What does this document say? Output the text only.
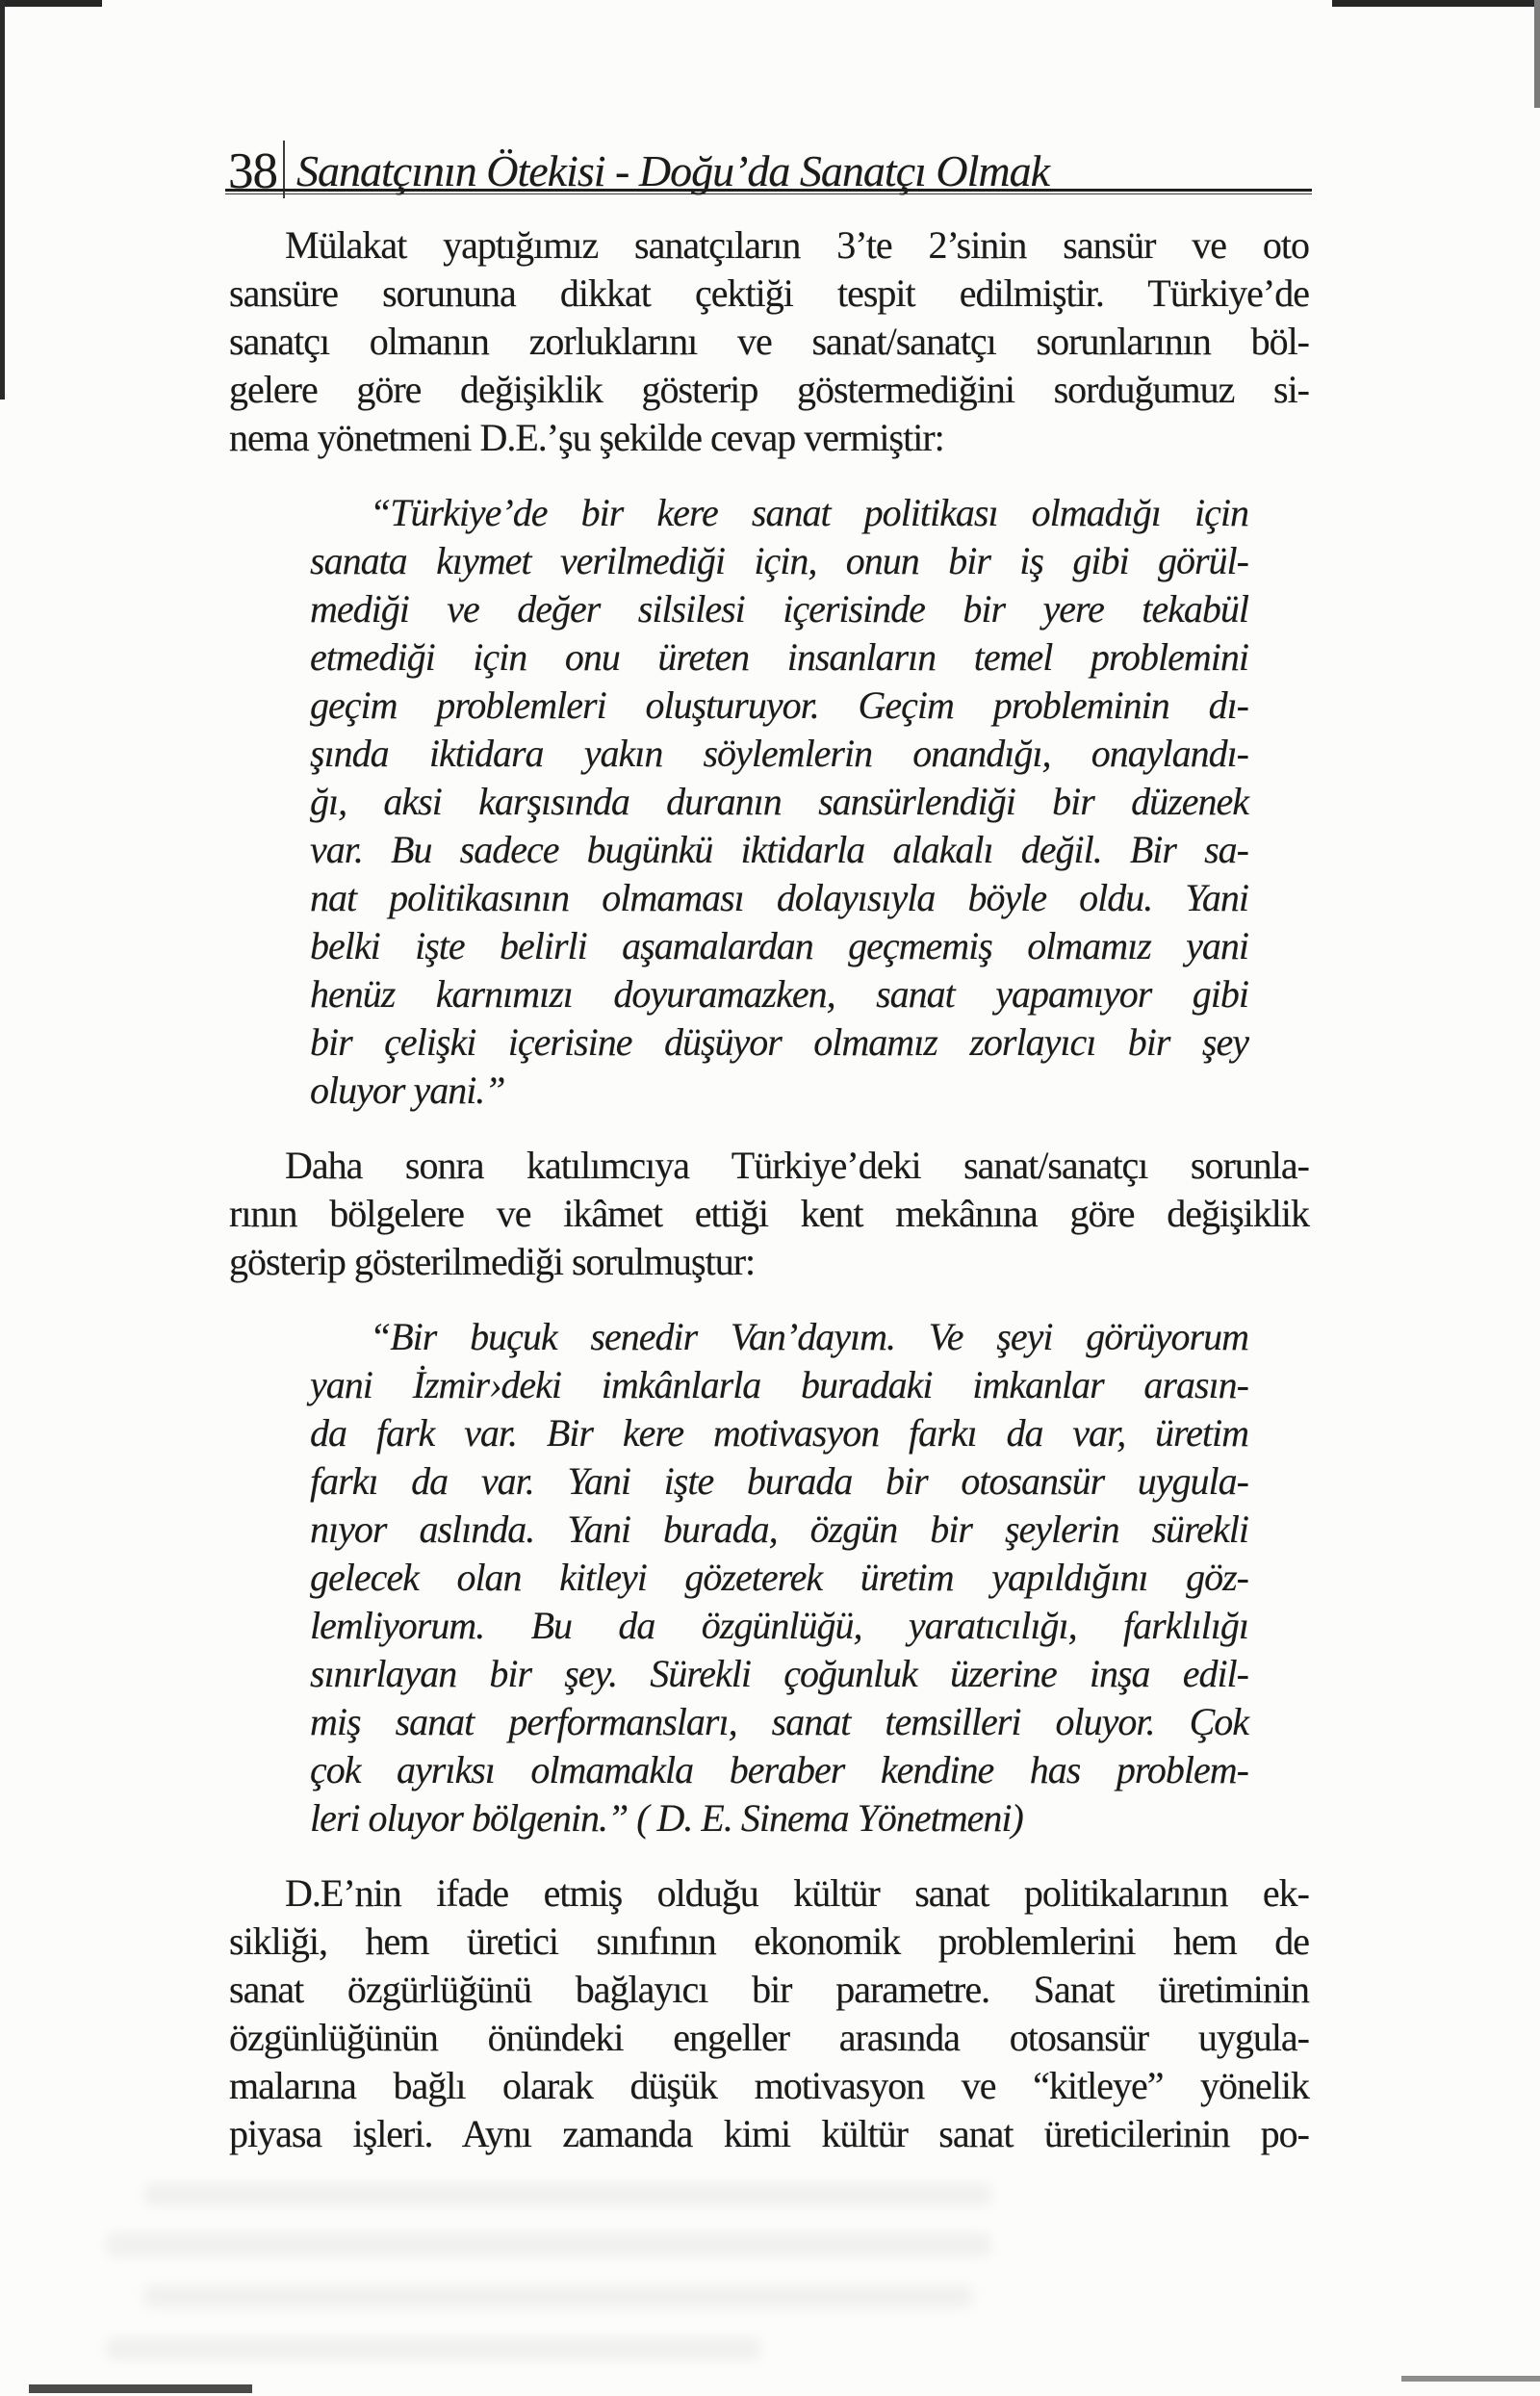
38 Sanatçının Ötekisi - Doğu’da Sanatçı Olmak
Mülakat yaptığımız sanatçıların 3’te 2’sinin sansür ve oto
sansüre sorununa dikkat çektiği tespit edilmiştir. Türkiye’de
sanatçı olmanın zorluklarını ve sanat/sanatçı sorunlarının böl-
gelere göre değişiklik gösterip göstermediğini sorduğumuz si-
nema yönetmeni D.E.’şu şekilde cevap vermiştir:
“Türkiye’de bir kere sanat politikası olmadığı için
sanata kıymet verilmediği için, onun bir iş gibi görül-
mediği ve değer silsilesi içerisinde bir yere tekabül
etmediği için onu üreten insanların temel problemini
geçim problemleri oluşturuyor. Geçim probleminin dı-
şında iktidara yakın söylemlerin onandığı, onaylandı-
ğı, aksi karşısında duranın sansürlendiği bir düzenek
var. Bu sadece bugünkü iktidarla alakalı değil. Bir sa-
nat politikasının olmaması dolayısıyla böyle oldu. Yani
belki işte belirli aşamalardan geçmemiş olmamız yani
henüz karnımızı doyuramazken, sanat yapamıyor gibi
bir çelişki içerisine düşüyor olmamız zorlayıcı bir şey
oluyor yani.”
Daha sonra katılımcıya Türkiye’deki sanat/sanatçı sorunla-
rının bölgelere ve ikâmet ettiği kent mekânına göre değişiklik
gösterip gösterilmediği sorulmuştur:
“Bir buçuk senedir Van’dayım. Ve şeyi görüyorum
yani İzmir›deki imkânlarla buradaki imkanlar arasın-
da fark var. Bir kere motivasyon farkı da var, üretim
farkı da var. Yani işte burada bir otosansür uygula-
nıyor aslında. Yani burada, özgün bir şeylerin sürekli
gelecek olan kitleyi gözeterek üretim yapıldığını göz-
lemliyorum. Bu da özgünlüğü, yaratıcılığı, farklılığı
sınırlayan bir şey. Sürekli çoğunluk üzerine inşa edil-
miş sanat performansları, sanat temsilleri oluyor. Çok
çok ayrıksı olmamakla beraber kendine has problem-
leri oluyor bölgenin.” ( D. E. Sinema Yönetmeni)
D.E’nin ifade etmiş olduğu kültür sanat politikalarının ek-
sikliği, hem üretici sınıfının ekonomik problemlerini hem de
sanat özgürlüğünü bağlayıcı bir parametre. Sanat üretiminin
özgünlüğünün önündeki engeller arasında otosansür uygula-
malarına bağlı olarak düşük motivasyon ve “kitleye” yönelik
piyasa işleri. Aynı zamanda kimi kültür sanat üreticilerinin po-
